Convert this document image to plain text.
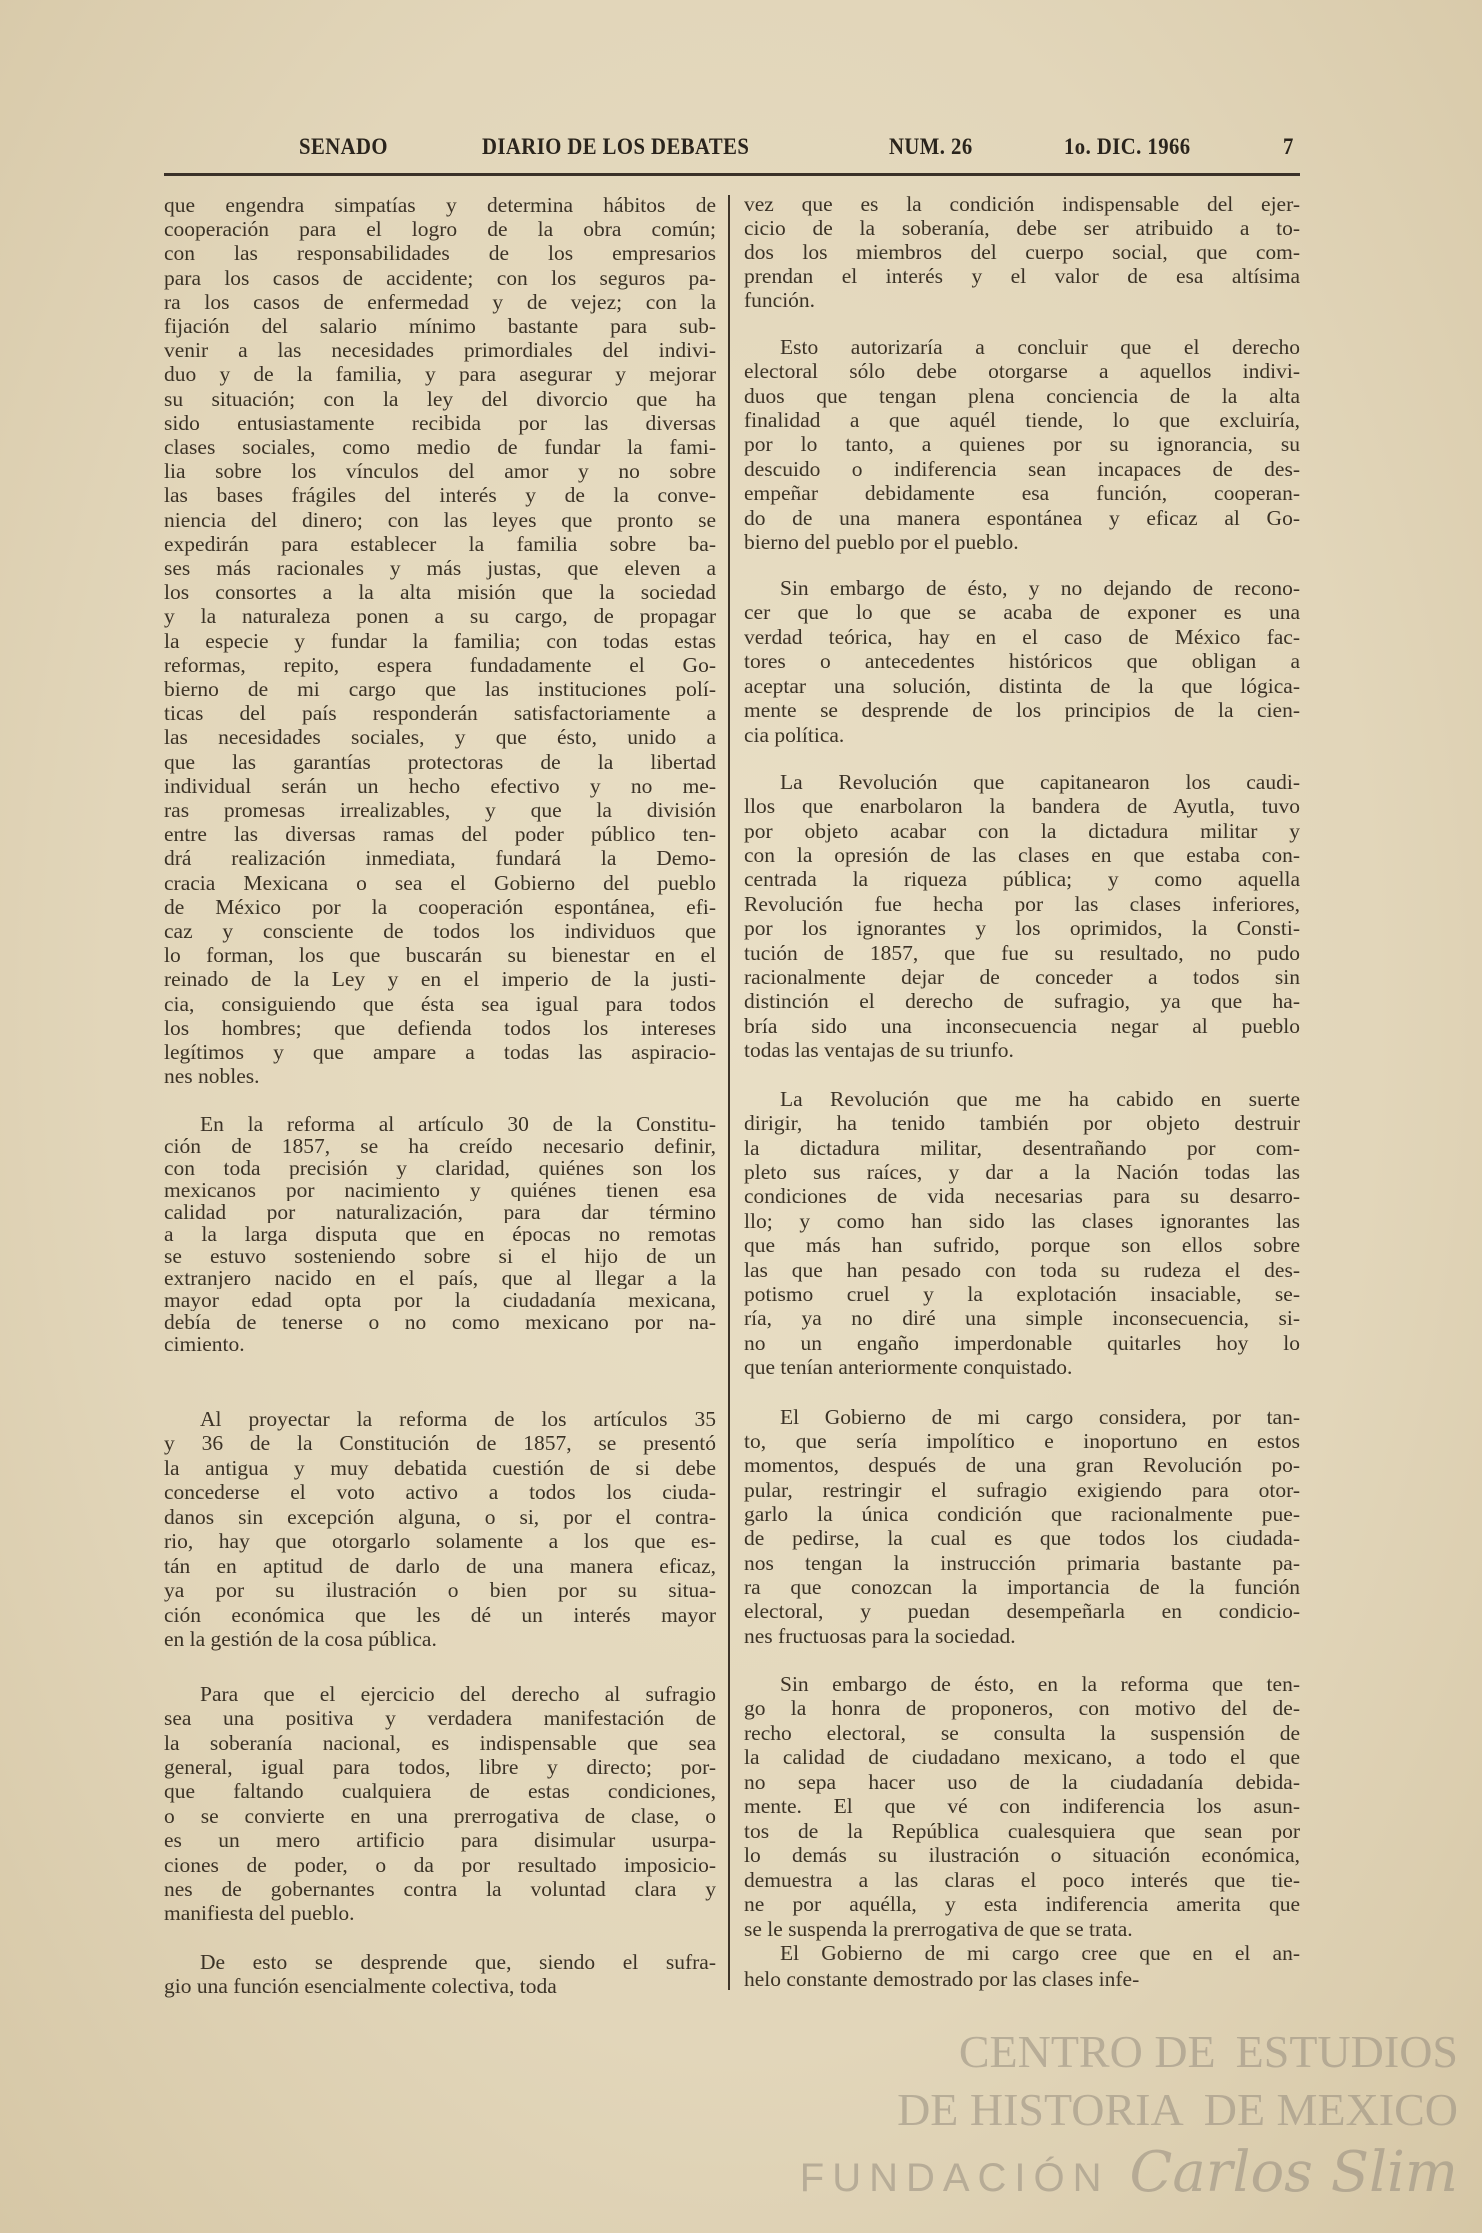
SENADO	DIARIO DE LOS DEBATES	NUM. 26	1o. DIC. 1966	7
que engendra simpatías y determina hábitos de
cooperación para el logro de la obra común;
con las responsabilidades de los empresarios
para los casos de accidente; con los seguros pa-
ra los casos de enfermedad y de vejez; con la
fijación del salario mínimo bastante para sub-
venir a las necesidades primordiales del indivi-
duo y de la familia, y para asegurar y mejorar
su situación; con la ley del divorcio que ha
sido entusiastamente recibida por las diversas
clases sociales, como medio de fundar la fami-
lia sobre los vínculos del amor y no sobre
las bases frágiles del interés y de la conve-
niencia del dinero; con las leyes que pronto se
expedirán para establecer la familia sobre ba-
ses más racionales y más justas, que eleven a
los consortes a la alta misión que la sociedad
y la naturaleza ponen a su cargo, de propagar
la especie y fundar la familia; con todas estas
reformas, repito, espera fundadamente el Go-
bierno de mi cargo que las instituciones polí-
ticas del país responderán satisfactoriamente a
las necesidades sociales, y que ésto, unido a
que las garantías protectoras de la libertad
individual serán un hecho efectivo y no me-
ras promesas irrealizables, y que la división
entre las diversas ramas del poder público ten-
drá realización inmediata, fundará la Demo-
cracia Mexicana o sea el Gobierno del pueblo
de México por la cooperación espontánea, efi-
caz y consciente de todos los individuos que
lo forman, los que buscarán su bienestar en el
reinado de la Ley y en el imperio de la justi-
cia, consiguiendo que ésta sea igual para todos
los hombres; que defienda todos los intereses
legítimos y que ampare a todas las aspiracio-
nes nobles.
En la reforma al artículo 30 de la Constitu-
ción de 1857, se ha creído necesario definir,
con toda precisión y claridad, quiénes son los
mexicanos por nacimiento y quiénes tienen esa
calidad por naturalización, para dar término
a la larga disputa que en épocas no remotas
se estuvo sosteniendo sobre si el hijo de un
extranjero nacido en el país, que al llegar a la
mayor edad opta por la ciudadanía mexicana,
debía de tenerse o no como mexicano por na-
cimiento.
Al proyectar la reforma de los artículos 35
y 36 de la Constitución de 1857, se presentó
la antigua y muy debatida cuestión de si debe
concederse el voto activo a todos los ciuda-
danos sin excepción alguna, o si, por el contra-
rio, hay que otorgarlo solamente a los que es-
tán en aptitud de darlo de una manera eficaz,
ya por su ilustración o bien por su situa-
ción económica que les dé un interés mayor
en la gestión de la cosa pública.
Para que el ejercicio del derecho al sufragio
sea una positiva y verdadera manifestación de
la soberanía nacional, es indispensable que sea
general, igual para todos, libre y directo; por-
que faltando cualquiera de estas condiciones,
o se convierte en una prerrogativa de clase, o
es un mero artificio para disimular usurpa-
ciones de poder, o da por resultado imposicio-
nes de gobernantes contra la voluntad clara y
manifiesta del pueblo.
De esto se desprende que, siendo el sufra-
gio una función esencialmente colectiva, toda
vez que es la condición indispensable del ejer-
cicio de la soberanía, debe ser atribuido a to-
dos los miembros del cuerpo social, que com-
prendan el interés y el valor de esa altísima
función.
Esto autorizaría a concluir que el derecho
electoral sólo debe otorgarse a aquellos indivi-
duos que tengan plena conciencia de la alta
finalidad a que aquél tiende, lo que excluiría,
por lo tanto, a quienes por su ignorancia, su
descuido o indiferencia sean incapaces de des-
empeñar debidamente esa función, cooperan-
do de una manera espontánea y eficaz al Go-
bierno del pueblo por el pueblo.
Sin embargo de ésto, y no dejando de recono-
cer que lo que se acaba de exponer es una
verdad teórica, hay en el caso de México fac-
tores o antecedentes históricos que obligan a
aceptar una solución, distinta de la que lógica-
mente se desprende de los principios de la cien-
cia política.
La Revolución que capitanearon los caudi-
llos que enarbolaron la bandera de Ayutla, tuvo
por objeto acabar con la dictadura militar y
con la opresión de las clases en que estaba con-
centrada la riqueza pública; y como aquella
Revolución fue hecha por las clases inferiores,
por los ignorantes y los oprimidos, la Consti-
tución de 1857, que fue su resultado, no pudo
racionalmente dejar de conceder a todos sin
distinción el derecho de sufragio, ya que ha-
bría sido una inconsecuencia negar al pueblo
todas las ventajas de su triunfo.
La Revolución que me ha cabido en suerte
dirigir, ha tenido también por objeto destruir
la dictadura militar, desentrañando por com-
pleto sus raíces, y dar a la Nación todas las
condiciones de vida necesarias para su desarro-
llo; y como han sido las clases ignorantes las
que más han sufrido, porque son ellos sobre
las que han pesado con toda su rudeza el des-
potismo cruel y la explotación insaciable, se-
ría, ya no diré una simple inconsecuencia, si-
no un engaño imperdonable quitarles hoy lo
que tenían anteriormente conquistado.
El Gobierno de mi cargo considera, por tan-
to, que sería impolítico e inoportuno en estos
momentos, después de una gran Revolución po-
pular, restringir el sufragio exigiendo para otor-
garlo la única condición que racionalmente pue-
de pedirse, la cual es que todos los ciudada-
nos tengan la instrucción primaria bastante pa-
ra que conozcan la importancia de la función
electoral, y puedan desempeñarla en condicio-
nes fructuosas para la sociedad.
Sin embargo de ésto, en la reforma que ten-
go la honra de proponeros, con motivo del de-
recho electoral, se consulta la suspensión de
la calidad de ciudadano mexicano, a todo el que
no sepa hacer uso de la ciudadanía debida-
mente. El que vé con indiferencia los asun-
tos de la República cualesquiera que sean por
lo demás su ilustración o situación económica,
demuestra a las claras el poco interés que tie-
ne por aquélla, y esta indiferencia amerita que
se le suspenda la prerrogativa de que se trata.
El Gobierno de mi cargo cree que en el an-
helo constante demostrado por las clases infe-
CENTRO DE ESTUDIOS
DE HISTORIA DE MEXICO
FUNDACIÓN Carlos Slim
